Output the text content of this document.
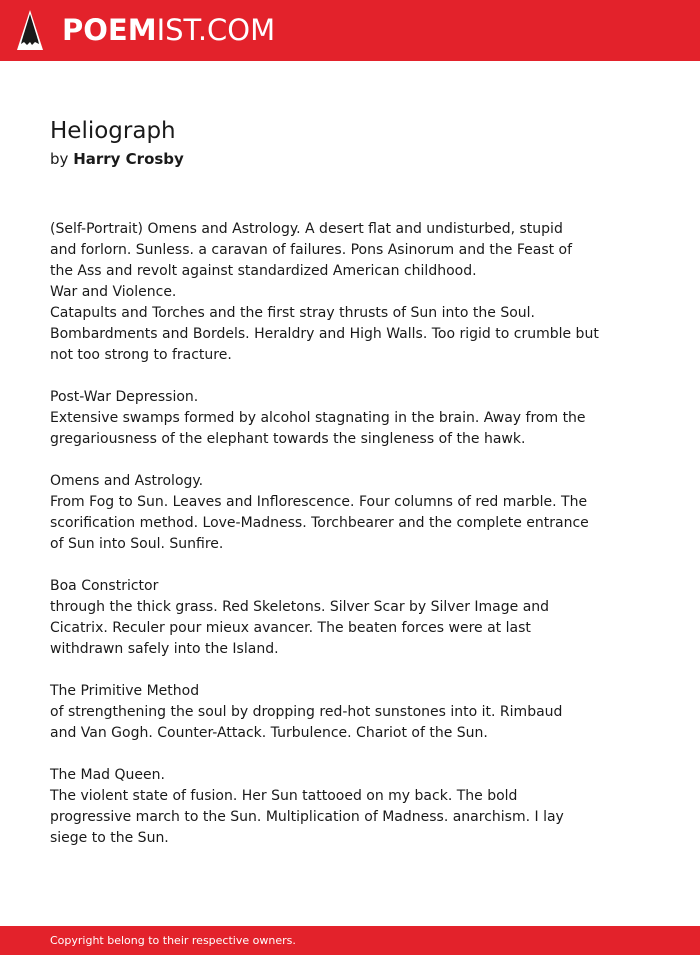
POEMIST.COM
Heliograph
by Harry Crosby
(Self-Portrait) Omens and Astrology. A desert flat and undisturbed, stupid
and forlorn. Sunless. a caravan of failures. Pons Asinorum and the Feast of
the Ass and revolt against standardized American childhood.
War and Violence.
Catapults and Torches and the first stray thrusts of Sun into the Soul.
Bombardments and Bordels. Heraldry and High Walls. Too rigid to crumble but
not too strong to fracture.
Post-War Depression.
Extensive swamps formed by alcohol stagnating in the brain. Away from the
gregariousness of the elephant towards the singleness of the hawk.
Omens and Astrology.
From Fog to Sun. Leaves and Inflorescence. Four columns of red marble. The
scorification method. Love-Madness. Torchbearer and the complete entrance
of Sun into Soul. Sunfire.
Boa Constrictor
through the thick grass. Red Skeletons. Silver Scar by Silver Image and
Cicatrix. Reculer pour mieux avancer. The beaten forces were at last
withdrawn safely into the Island.
The Primitive Method
of strengthening the soul by dropping red-hot sunstones into it. Rimbaud
and Van Gogh. Counter-Attack. Turbulence. Chariot of the Sun.
The Mad Queen.
The violent state of fusion. Her Sun tattooed on my back. The bold
progressive march to the Sun. Multiplication of Madness. anarchism. I lay
siege to the Sun.
Copyright belong to their respective owners.
